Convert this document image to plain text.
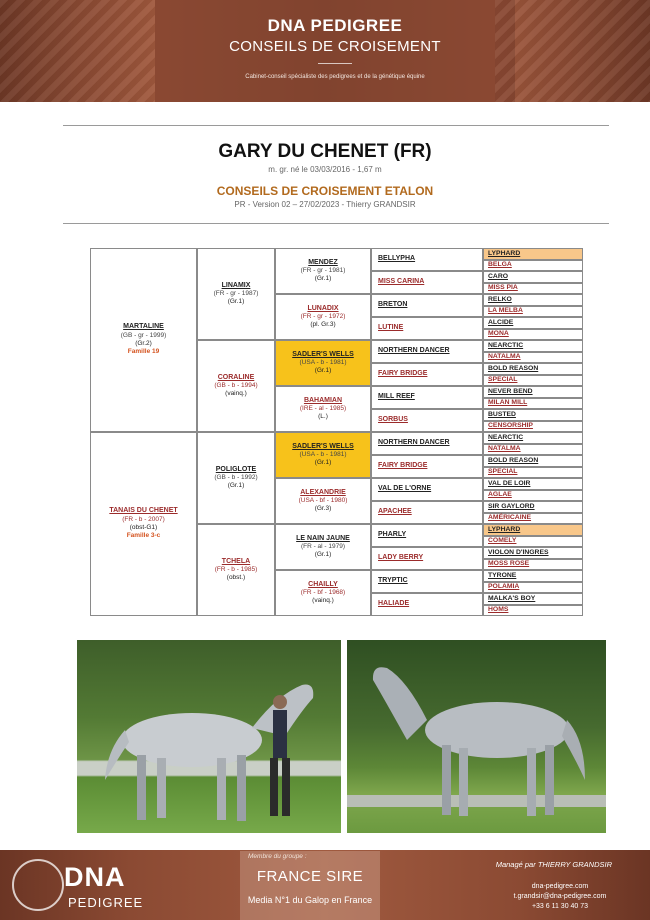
DNA PEDIGREE
CONSEILS DE CROISEMENT
Cabinet-conseil spécialiste des pedigrees et de la génétique équine
GARY DU CHENET (FR)
m. gr. né le 03/03/2016 - 1,67 m
CONSEILS DE CROISEMENT ETALON
PR - Version 02 – 27/02/2023 - Thierry GRANDSIR
MARTALINE
(GB - gr - 1999)
(Gr.2)
Famille 19
TANAIS DU CHENET
(FR - b - 2007)
(obst-G1)
Famille 3-c
LINAMIX
(FR - gr - 1987)
(Gr.1)
CORALINE
(GB - b - 1994)
(vainq.)
POLIGLOTE
(GB - b - 1992)
(Gr.1)
TCHELA
(FR - b - 1985)
(obst.)
MENDEZ
(FR - gr - 1981)
(Gr.1)
LUNADIX
(FR - gr - 1972)
(pl. Gr.3)
SADLER'S WELLS
(USA - b - 1981)
(Gr.1)
BAHAMIAN
(IRE - al - 1985)
(L.)
SADLER'S WELLS
(USA - b - 1981)
(Gr.1)
ALEXANDRIE
(USA - bf - 1980)
(Gr.3)
LE NAIN JAUNE
(FR - al - 1979)
(Gr.1)
CHAILLY
(FR - bf - 1968)
(vainq.)
BELLYPHA
MISS CARINA
BRETON
LUTINE
NORTHERN DANCER
FAIRY BRIDGE
MILL REEF
SORBUS
NORTHERN DANCER
FAIRY BRIDGE
VAL DE L'ORNE
APACHEE
PHARLY
LADY BERRY
TRYPTIC
HALIADE
LYPHARD
BELGA
CARO
MISS PIA
RELKO
LA MELBA
ALCIDE
MONA
NEARCTIC
NATALMA
BOLD REASON
SPECIAL
NEVER BEND
MILAN MILL
BUSTED
CENSORSHIP
NEARCTIC
NATALMA
BOLD REASON
SPECIAL
VAL DE LOIR
AGLAE
SIR GAYLORD
AMÉRICAINE
LYPHARD
COMELY
VIOLON D'INGRES
MOSS ROSE
TYRONE
POLAMIA
MALKA'S BOY
HOMS
DNA
PEDIGREE
Membre du groupe :
FRANCE SIRE
Media N°1 du Galop en France
Managé par THIERRY GRANDSIR
dna-pedigree.com
t.grandsir@dna-pedigree.com
+33 6 11 30 40 73
